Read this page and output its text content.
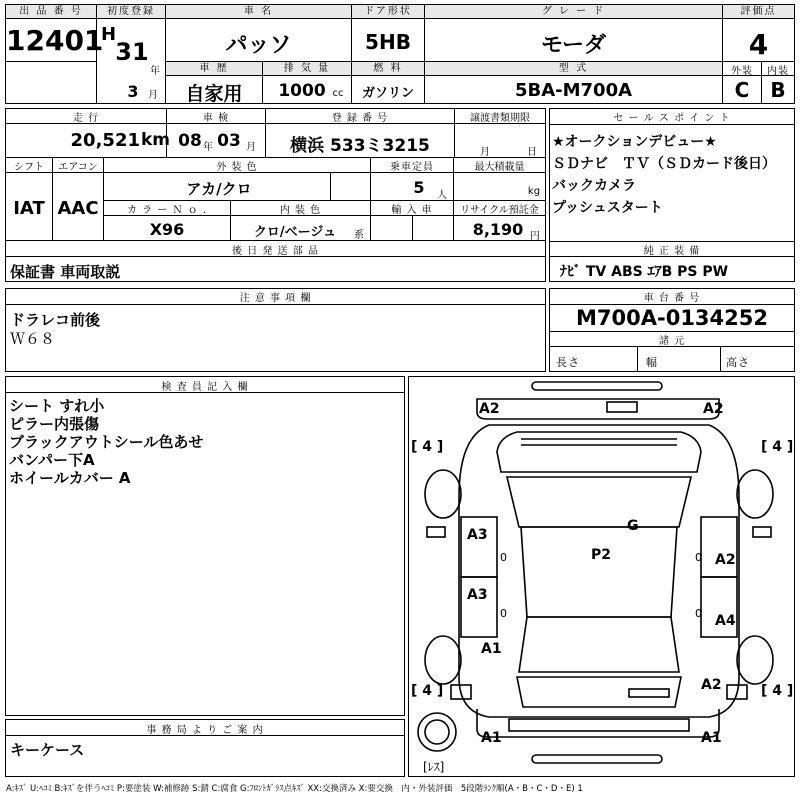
出 品 番 号
12401
初度登録
H
31
年
3 月
車 名
パッソ
ドア形状
5HB
グ レ ー ド
モーダ
評価点
4
車 歴
自家用
排 気 量
1000 cc
燃 料
ガソリン
型 式
5BA-M700A
外装	内装
C	B
走 行
20,521 km
車 検
08 年 03 月
登 録 番 号
横浜 533ミ3215
譲渡書類期限
月	日
シフト
IAT
エアコン
AAC
外 装 色
アカ/クロ
乗車定員
5	人
最大積載量
kg
カ ラ ー Ｎ ｏ .
X96
内 装 色
クロ/ベージュ	系
輸 入 車	リサイクル預託金
8,190 円
後 日 発 送 部 品
保証書 車両取説
セ ー ル ス ポ イ ン ト
★オークションデビュー★
ＳＤナビ　ＴＶ（ＳＤカード後日）
バックカメラ
プッシュスタート
純 正 装 備
ﾅﾋﾞ TV ABS ｴｱB PS PW
注 意 事 項 欄
ドラレコ前後
Ｗ６８
車 台 番 号
M700A-0134252
諸 元
長さ	幅	高さ
検 査 員 記 入 欄
シート すれ小
ピラー内張傷
ブラックアウトシール色あせ
バンパー下A
ホイールカバー A
事 務 局 よ り ご 案 内
キーケース
A2	A2
[ 4 ]	[ 4 ]
G
A3
P2	A2
0	0
A3
0	0 A4
A1
A2
[ 4 ]	[ 4 ]
A1	A1
[ﾚｽ]
A:ｷｽﾞ U:ﾍｺﾐ B:ｷｽﾞを伴うﾍｺﾐ P:要塗装 W:補修跡 S:錆 C:腐食 G:ﾌﾛﾝﾄｶﾞﾗｽ点ｷｽﾞ XX:交換済み X:要交換　内・外装評価　5段階ﾗﾝｸ順(A・B・C・D・E) 1
